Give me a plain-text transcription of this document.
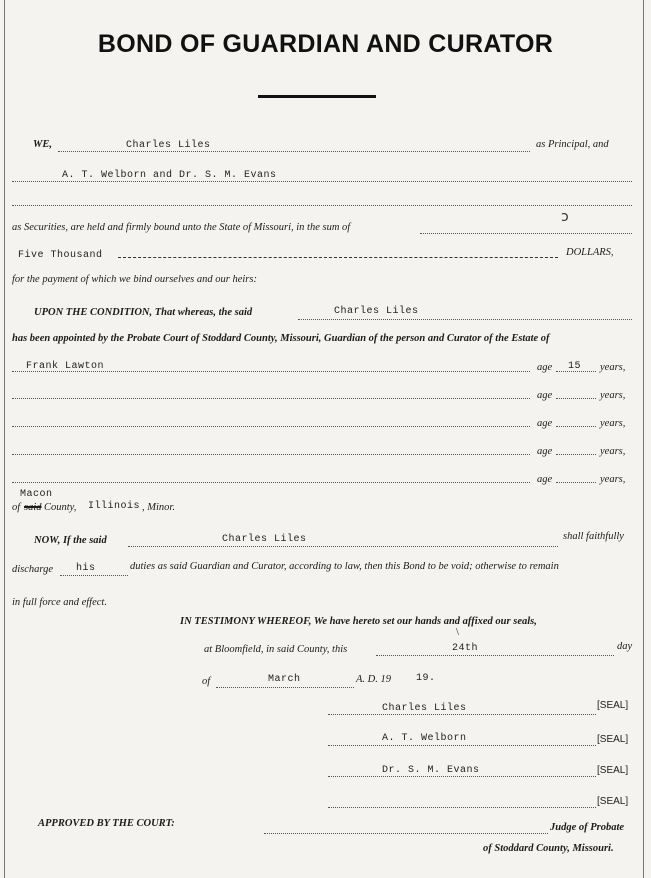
BOND OF GUARDIAN AND CURATOR
WE,	Charles Liles	as Principal, and
A. T. Welborn and Dr. S. M. Evans
as Securities, are held and firmly bound unto the State of Missouri, in the sum of
ↄ
Five Thousand	DOLLARS,
for the payment of which we bind ourselves and our heirs:
UPON THE CONDITION, That whereas, the said	Charles Liles
has been appointed by the Probate Court of Stoddard County, Missouri, Guardian of the person and Curator of the Estate of
Frank Lawton	age 15 years,
age	years,
age	years,
age	years,
age	years,
Macon
of said County, Illinois , Minor.
NOW, If the said	Charles Liles	shall faithfully
discharge his	duties as said Guardian and Curator, according to law, then this Bond to be void; otherwise to remain
in full force and effect.
IN TESTIMONY WHEREOF, We have hereto set our hands and affixed our seals,
at Bloomfield, in said County, this	24th	day
\
of	March	A. D. 19	19.
Charles Liles	[SEAL]
A. T. Welborn	[SEAL]
Dr. S. M. Evans	[SEAL]
[SEAL]
APPROVED BY THE COURT:	Judge of Probate
of Stoddard County, Missouri.
